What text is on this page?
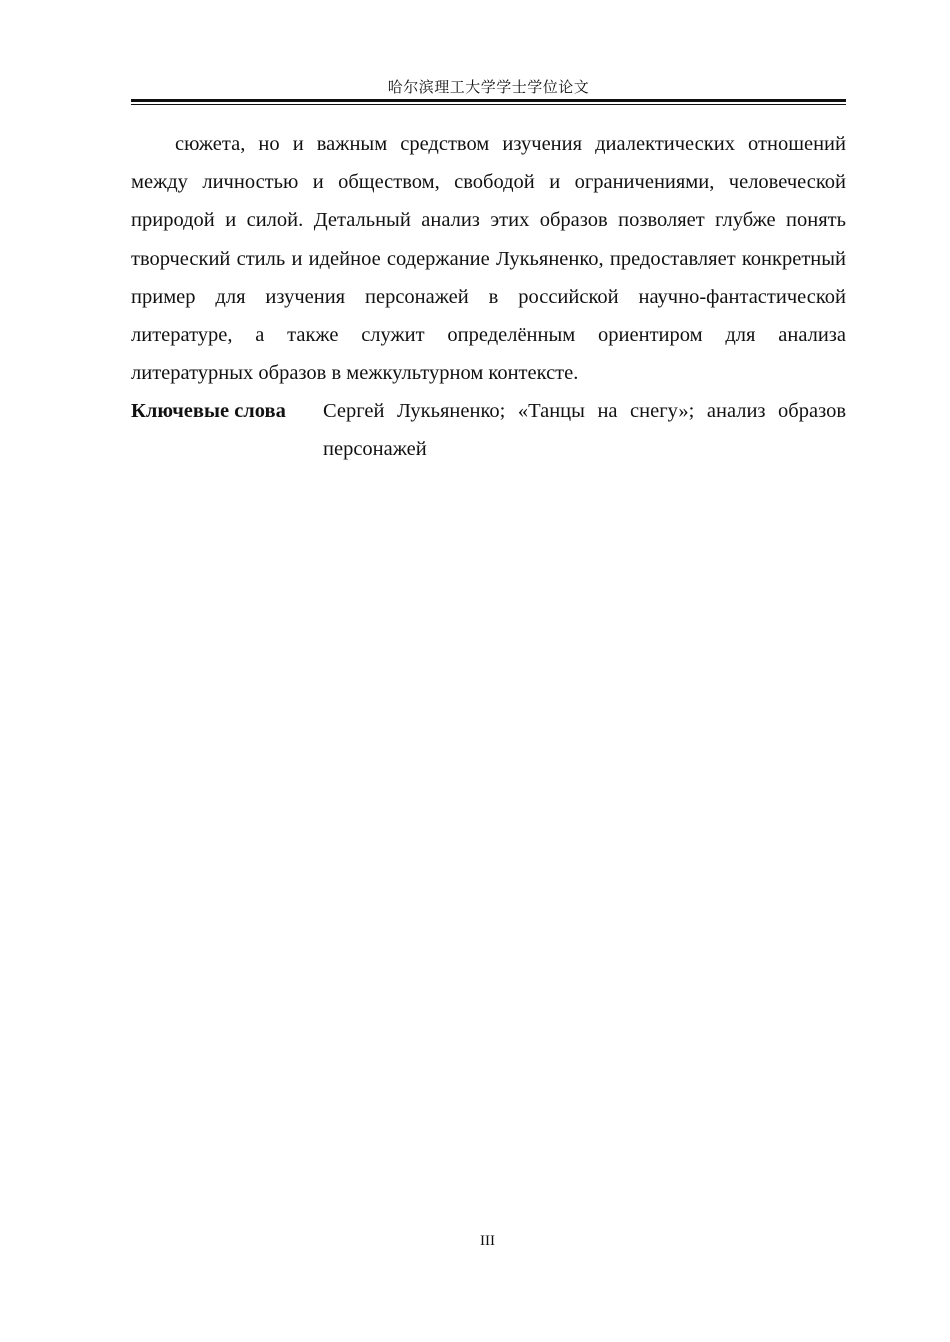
哈尔滨理工大学学士学位论文

сюжета, но и важным средством изучения диалектических отношений между личностью и обществом, свободой и ограничениями, человеческой природой и силой. Детальный анализ этих образов позволяет глубже понять творческий стиль и идейное содержание Лукьяненко, предоставляет конкретный пример для изучения персонажей в российской научно-фантастической литературе, а также служит определённым ориентиром для анализа литературных образов в межкультурном контексте.

Ключевые слова Сергей Лукьяненко; «Танцы на снегу»; анализ образов персонажей
III
